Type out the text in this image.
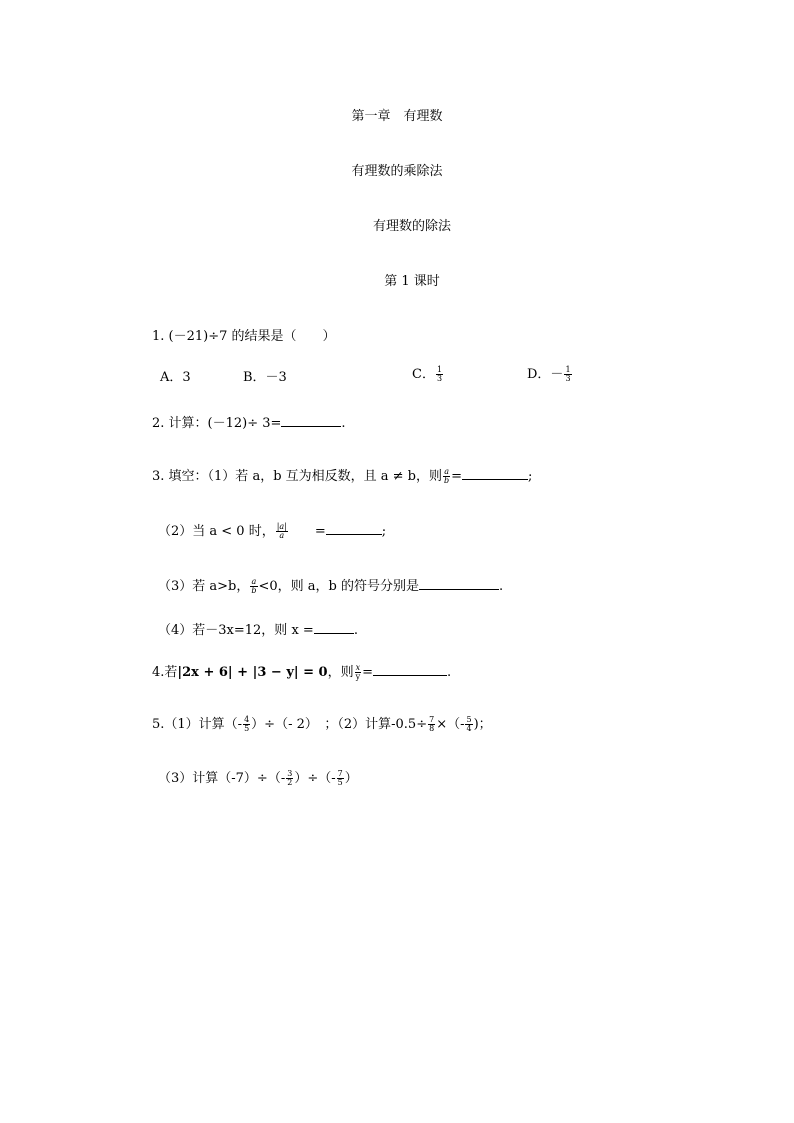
第一章　有理数
有理数的乘除法
有理数的除法
第 1 课时
1. (－21)÷7 的结果是（　　）
A．3	B．－3	C． $\frac{1}{3}$	D．－ $\frac{1}{3}$
2. 计算：(－12)÷ 3=	.
3. 填空：（1）若 a，b 互为相反数，且 a ≠ b，则 $\frac{a}{b}$ =	;
（2）当 a < 0 时， $\frac{|a|}{a}$ =	;
（3）若 a>b， $\frac{a}{b} <0$，则 a，b 的符号分别是	.
（4）若－3x=12，则 x =	.
4.若|2x + 6| + |3 − y| = 0，则 $\frac{x}{y}$ =	.
5.（1）计算（- $\frac{4}{5}$ ）÷（- 2）　；（2）计算$-0.5\div \frac{7}{8}$ ×（- $\frac{5}{4}$ )；
（3）计算$(-7)\div(- \frac{3}{2}$ ）÷（- $\frac{7}{5}$ ）
